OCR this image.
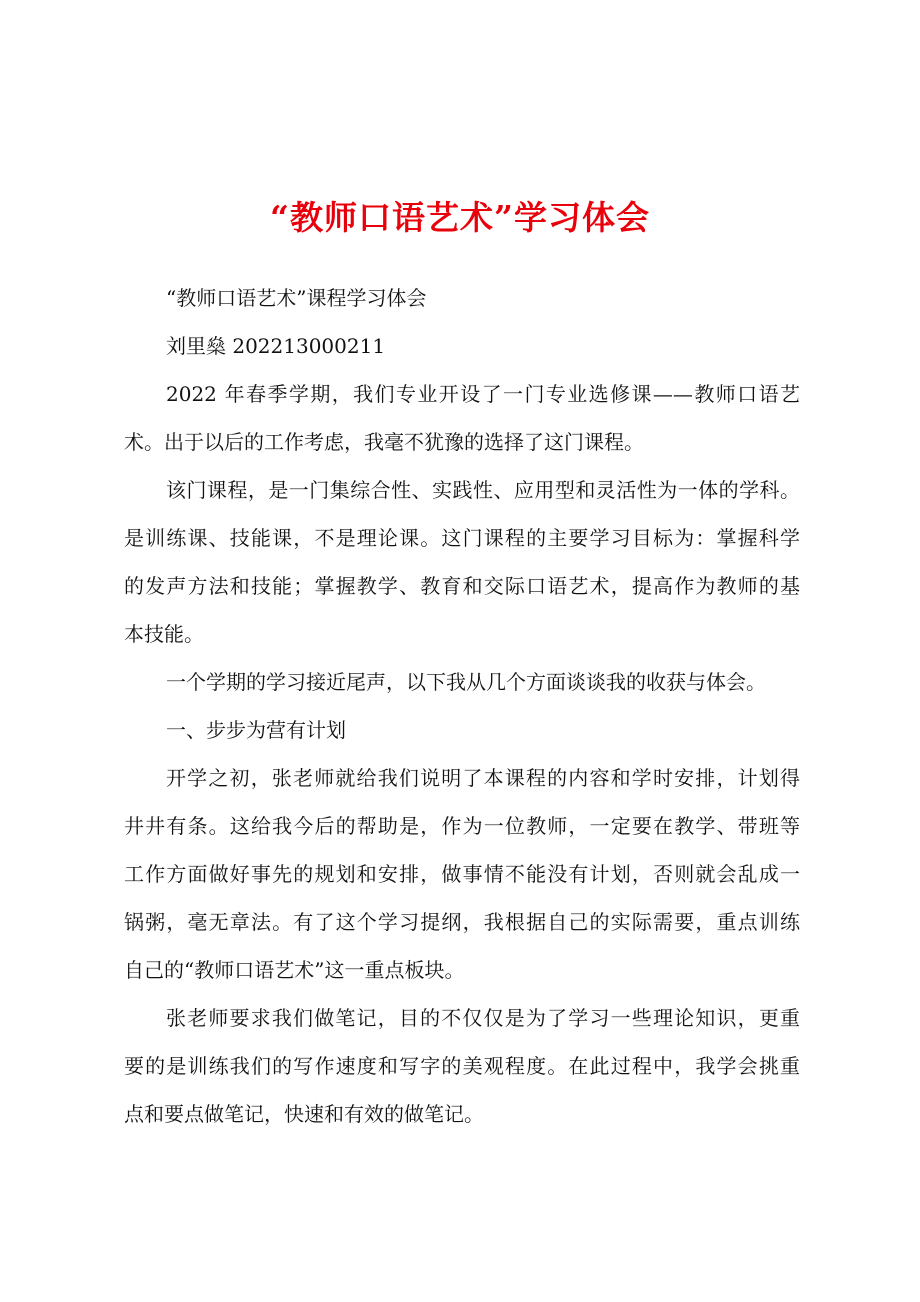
“教师口语艺术”学习体会
“教师口语艺术”课程学习体会
刘里燊 202213000211
2022 年春季学期，我们专业开设了一门专业选修课——教师口语艺
术。出于以后的工作考虑，我毫不犹豫的选择了这门课程。
该门课程，是一门集综合性、实践性、应用型和灵活性为一体的学科。
是训练课、技能课，不是理论课。这门课程的主要学习目标为：掌握科学
的发声方法和技能；掌握教学、教育和交际口语艺术，提高作为教师的基
本技能。
一个学期的学习接近尾声，以下我从几个方面谈谈我的收获与体会。
一、步步为营有计划
开学之初，张老师就给我们说明了本课程的内容和学时安排，计划得
井井有条。这给我今后的帮助是，作为一位教师，一定要在教学、带班等
工作方面做好事先的规划和安排，做事情不能没有计划，否则就会乱成一
锅粥，毫无章法。有了这个学习提纲，我根据自己的实际需要，重点训练
自己的“教师口语艺术”这一重点板块。
张老师要求我们做笔记，目的不仅仅是为了学习一些理论知识，更重
要的是训练我们的写作速度和写字的美观程度。在此过程中，我学会挑重
点和要点做笔记，快速和有效的做笔记。
